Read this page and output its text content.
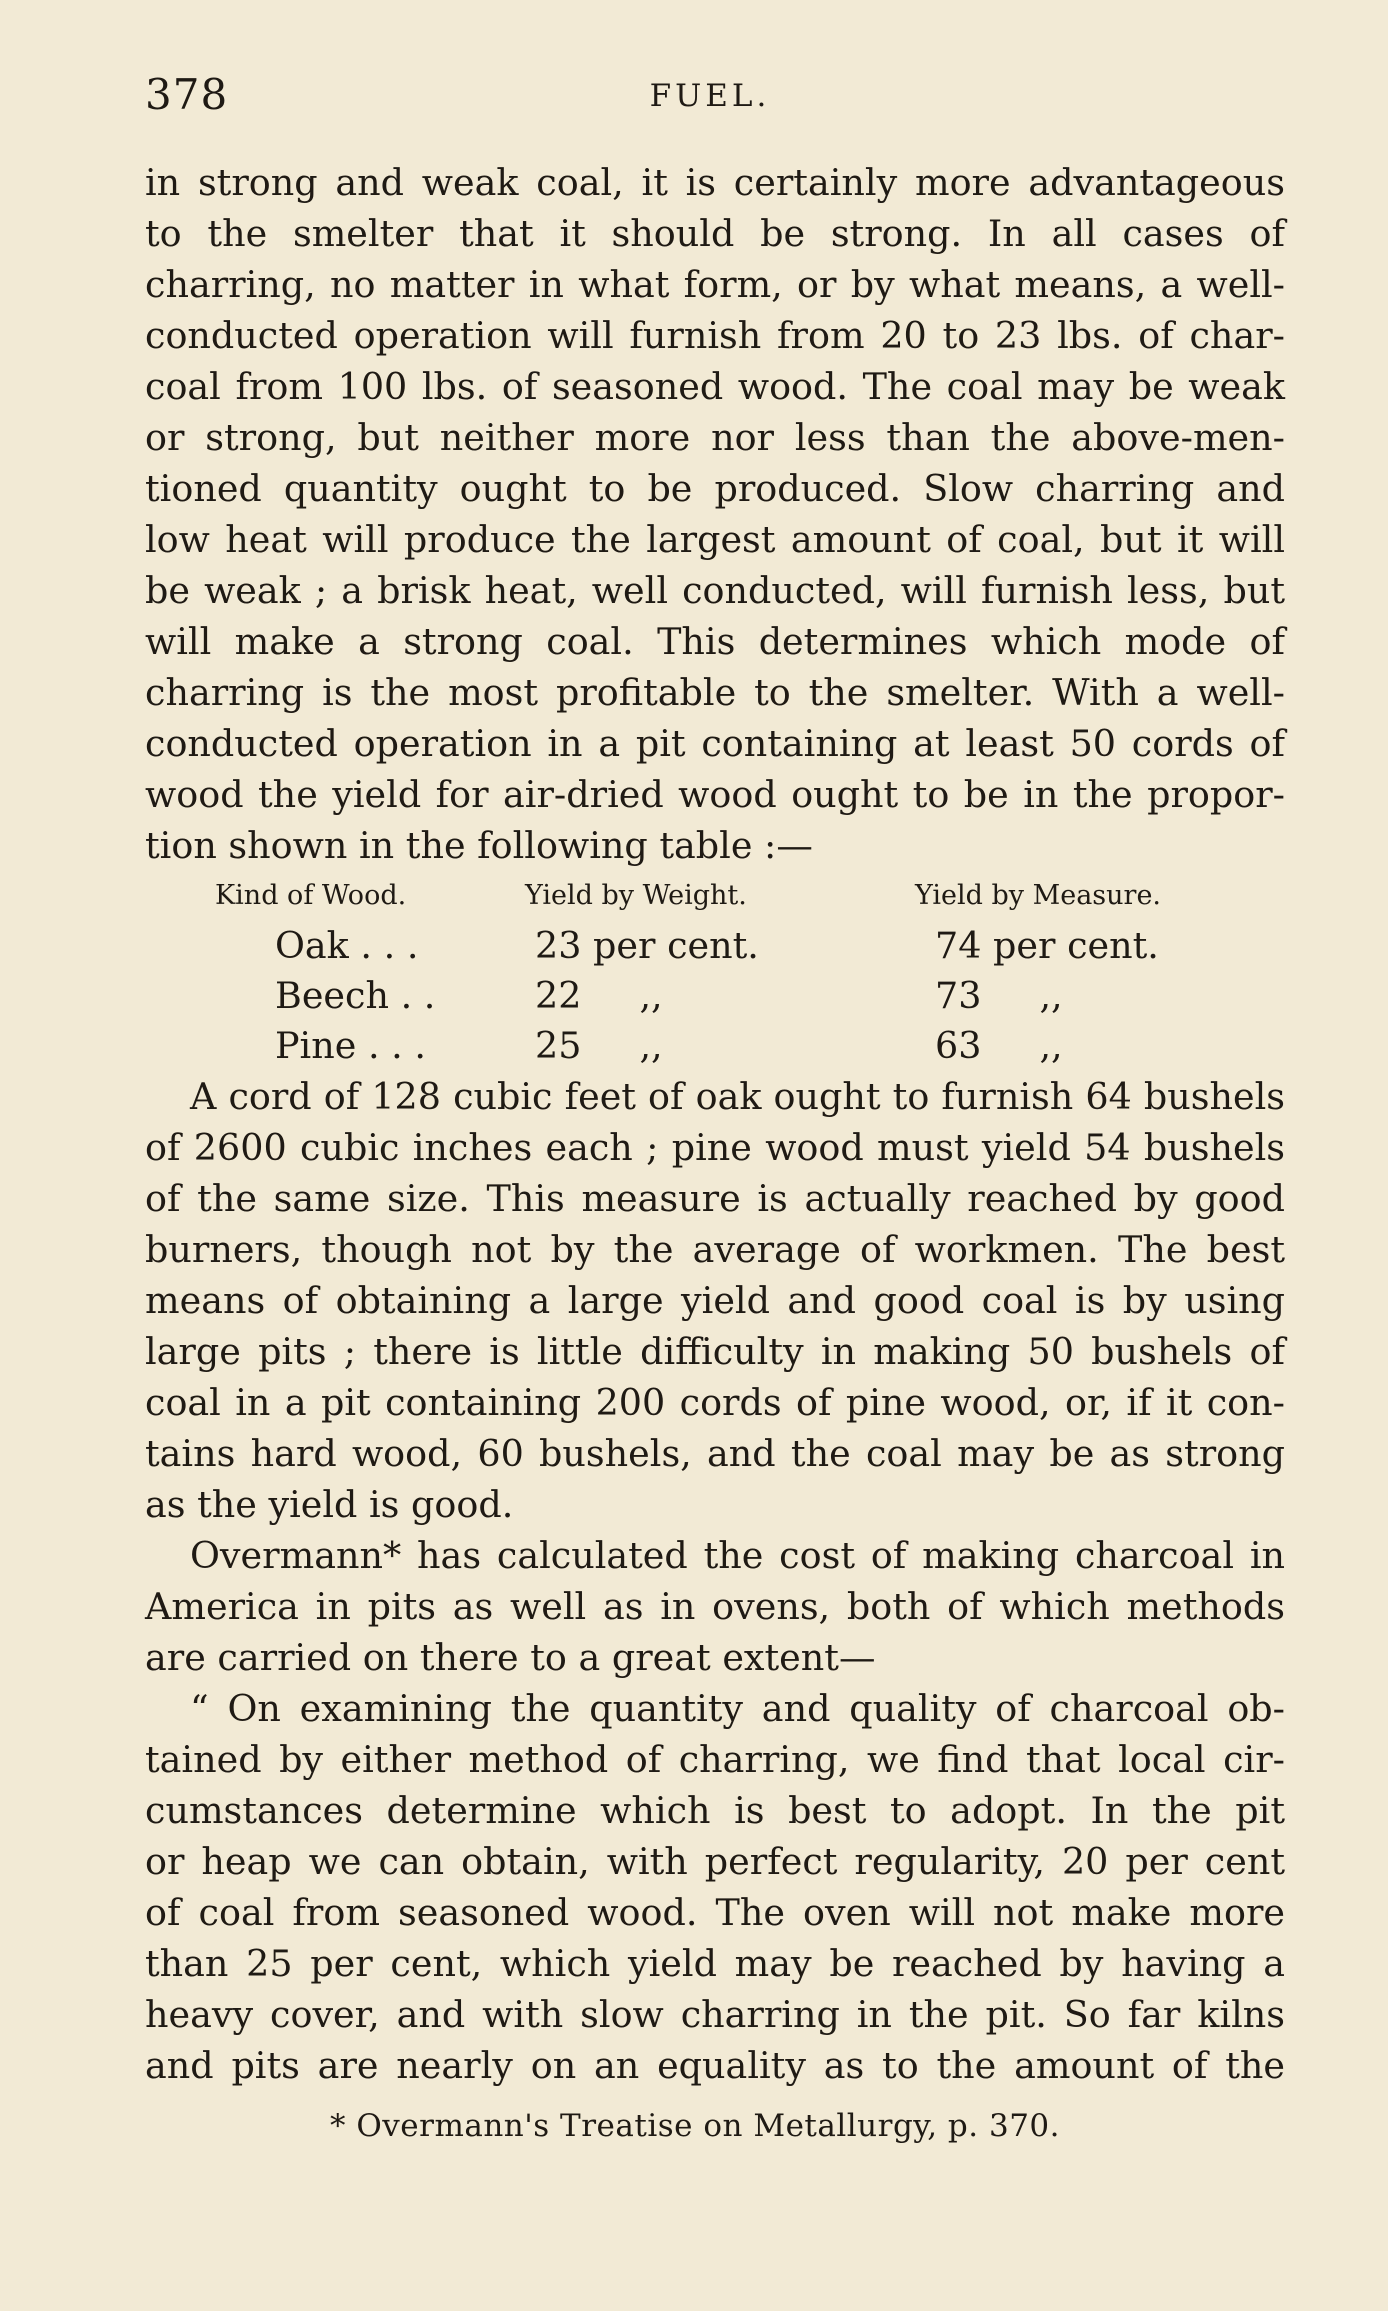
378	FUEL.
in strong and weak coal, it is certainly more advantageous
to the smelter that it should be strong. In all cases of
charring, no matter in what form, or by what means, a well-
conducted operation will furnish from 20 to 23 lbs. of char-
coal from 100 lbs. of seasoned wood. The coal may be weak
or strong, but neither more nor less than the above-men-
tioned quantity ought to be produced. Slow charring and
low heat will produce the largest amount of coal, but it will
be weak ; a brisk heat, well conducted, will furnish less, but
will make a strong coal. This determines which mode of
charring is the most profitable to the smelter. With a well-
conducted operation in a pit containing at least 50 cords of
wood the yield for air-dried wood ought to be in the propor-
tion shown in the following table :—
Kind of Wood.	Yield by Weight.	Yield by Measure.
Oak . . .	23 per cent.	74 per cent.
Beech . .	22     ,,	73     ,,
Pine . . .	25     ,,	63     ,,
A cord of 128 cubic feet of oak ought to furnish 64 bushels
of 2600 cubic inches each ; pine wood must yield 54 bushels
of the same size. This measure is actually reached by good
burners, though not by the average of workmen. The best
means of obtaining a large yield and good coal is by using
large pits ; there is little difficulty in making 50 bushels of
coal in a pit containing 200 cords of pine wood, or, if it con-
tains hard wood, 60 bushels, and the coal may be as strong
as the yield is good.
Overmann* has calculated the cost of making charcoal in
America in pits as well as in ovens, both of which methods
are carried on there to a great extent—
“ On examining the quantity and quality of charcoal ob-
tained by either method of charring, we find that local cir-
cumstances determine which is best to adopt. In the pit
or heap we can obtain, with perfect regularity, 20 per cent
of coal from seasoned wood. The oven will not make more
than 25 per cent, which yield may be reached by having a
heavy cover, and with slow charring in the pit. So far kilns
and pits are nearly on an equality as to the amount of the
* Overmann's Treatise on Metallurgy, p. 370.
